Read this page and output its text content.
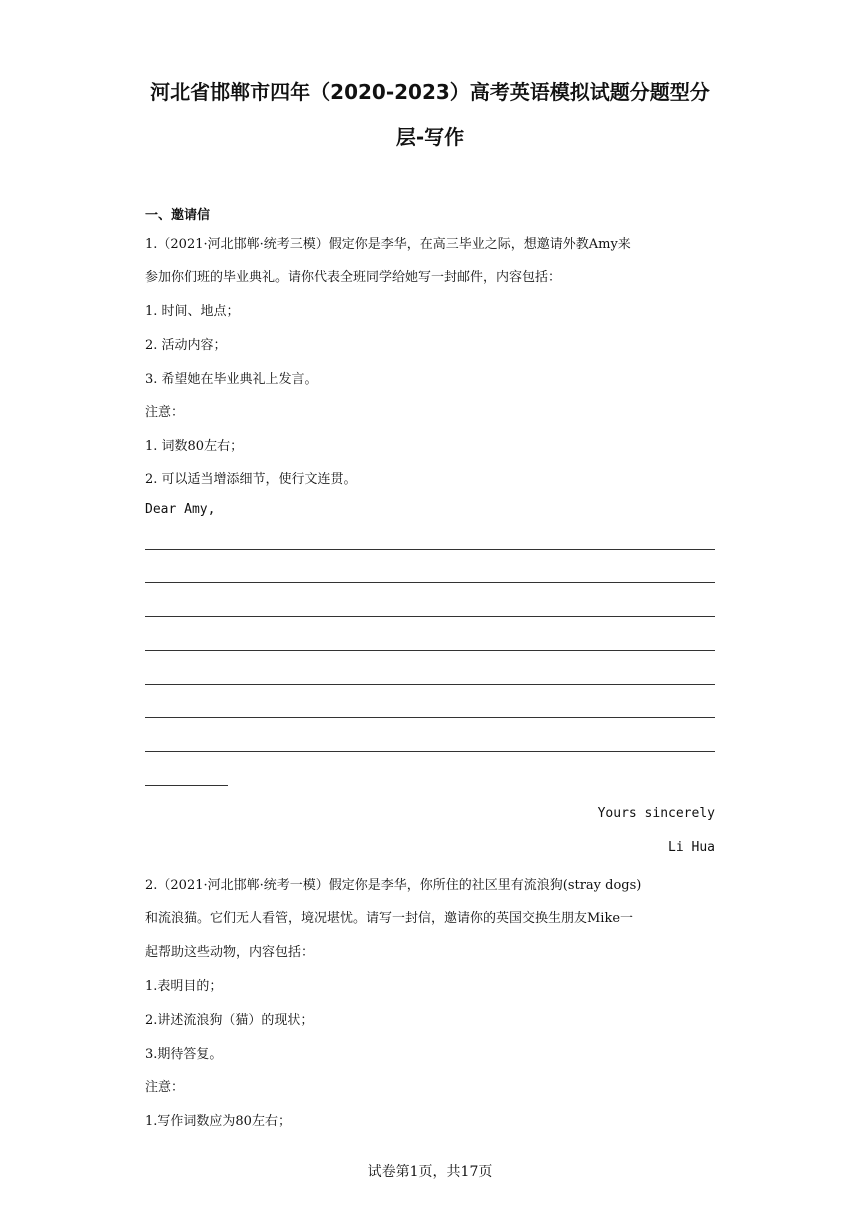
河北省邯郸市四年（2020-2023）高考英语模拟试题分题型分
层-写作
一、邀请信
1.（2021·河北邯郸·统考三模）假定你是李华，在高三毕业之际，想邀请外教Amy来
参加你们班的毕业典礼。请你代表全班同学给她写一封邮件，内容包括：
1. 时间、地点；
2. 活动内容；
3. 希望她在毕业典礼上发言。
注意：
1. 词数80左右；
2. 可以适当增添细节，使行文连贯。
Dear Amy,
Yours sincerely
Li Hua
2.（2021·河北邯郸·统考一模）假定你是李华，你所住的社区里有流浪狗(stray dogs)
和流浪猫。它们无人看管，境况堪忧。请写一封信，邀请你的英国交换生朋友Mike一
起帮助这些动物，内容包括：
1.表明目的；
2.讲述流浪狗（猫）的现状；
3.期待答复。
注意：
1.写作词数应为80左右；
试卷第1页，共17页
